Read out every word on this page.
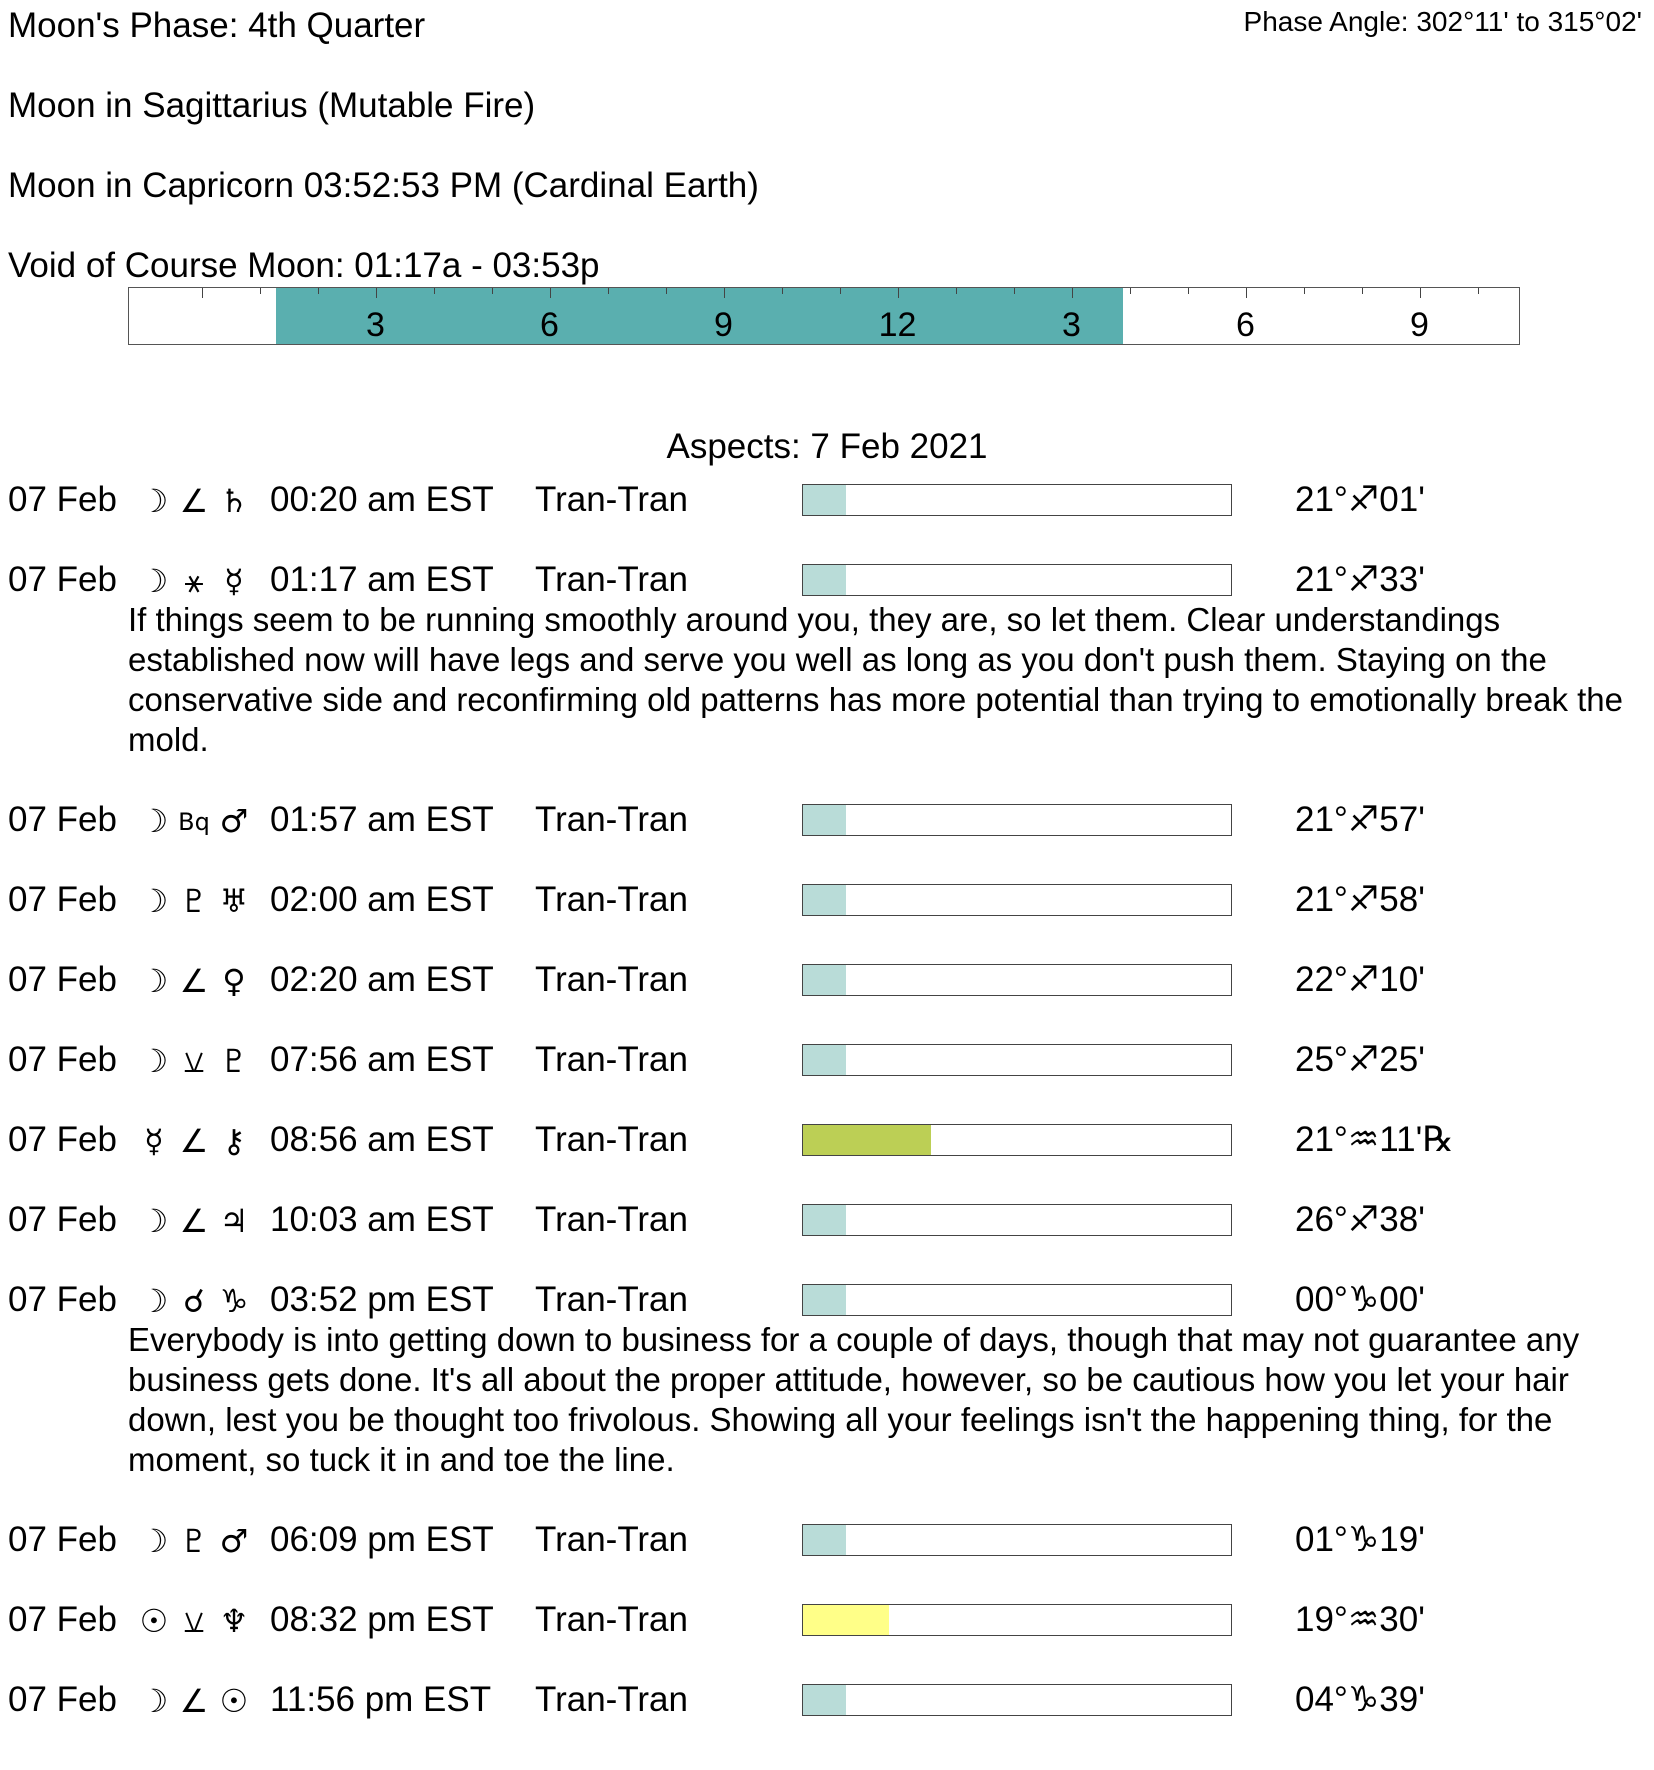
Moon's Phase: 4th Quarter	Phase Angle: 302°11' to 315°02'
Moon in Sagittarius (Mutable Fire)
Moon in Capricorn 03:52:53 PM (Cardinal Earth)
Void of Course Moon: 01:17a - 03:53p
3	6	9	12	3	6	9
Aspects: 7 Feb 2021
07 Feb ☽ ∠ ♄ 00:20 am EST Tran-Tran	21°♐01'
07 Feb ☽ ⚹ ☿ 01:17 am EST Tran-Tran	21°♐33'
If things seem to be running smoothly around you, they are, so let them. Clear understandings established now will have legs and serve you well as long as you don't push them. Staying on the conservative side and reconfirming old patterns has more potential than trying to emotionally break the mold.
07 Feb ☽ Bq ♂ 01:57 am EST Tran-Tran	21°♐57'
07 Feb ☽ ♇ ♅ 02:00 am EST Tran-Tran	21°♐58'
07 Feb ☽ ∠ ♀ 02:20 am EST Tran-Tran	22°♐10'
07 Feb ☽ ⚺ ♇ 07:56 am EST Tran-Tran	25°♐25'
07 Feb ☿ ∠ ⚷ 08:56 am EST Tran-Tran	21°♒11'℞
07 Feb ☽ ∠ ♃ 10:03 am EST Tran-Tran	26°♐38'
07 Feb ☽ ☌ ♑ 03:52 pm EST Tran-Tran	00°♑00'
Everybody is into getting down to business for a couple of days, though that may not guarantee any business gets done. It's all about the proper attitude, however, so be cautious how you let your hair down, lest you be thought too frivolous. Showing all your feelings isn't the happening thing, for the moment, so tuck it in and toe the line.
07 Feb ☽ ♇ ♂ 06:09 pm EST Tran-Tran	01°♑19'
07 Feb ☉ ⚺ ♆ 08:32 pm EST Tran-Tran	19°♒30'
07 Feb ☽ ∠ ☉ 11:56 pm EST Tran-Tran	04°♑39'
